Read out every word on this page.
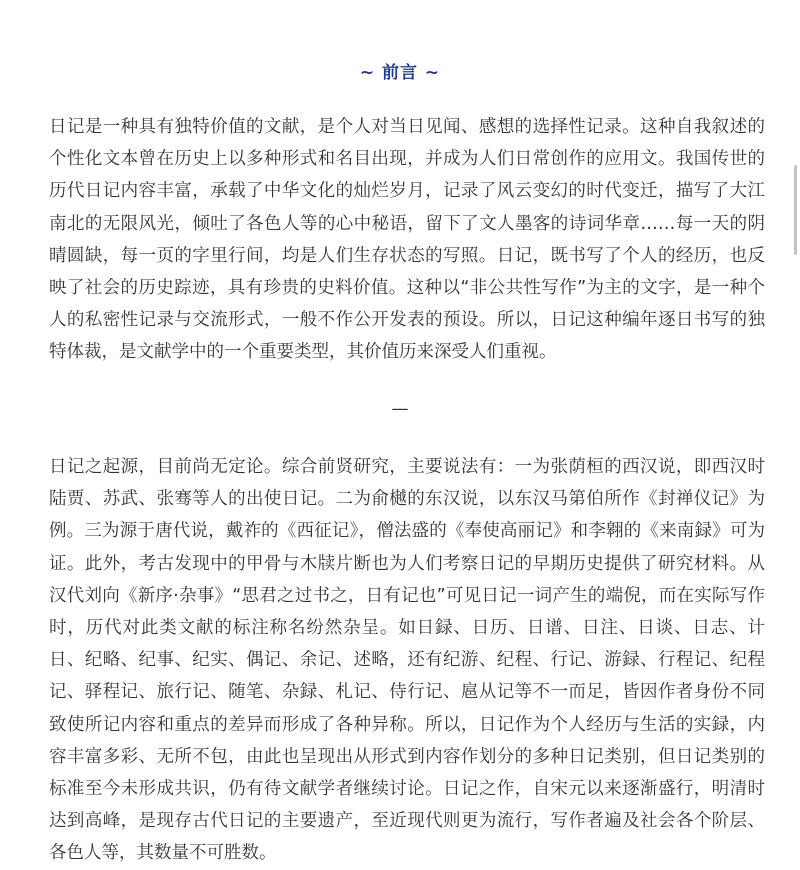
~ 前言 ~

日记是一种具有独特价值的文献，是个人对当日见闻、感想的选择性记录。这种自我叙述的个性化文本曾在历史上以多种形式和名目出现，并成为人们日常创作的应用文。我国传世的历代日记内容丰富，承载了中华文化的灿烂岁月，记录了风云变幻的时代变迁，描写了大江南北的无限风光，倾吐了各色人等的心中秘语，留下了文人墨客的诗词华章……每一天的阴晴圆缺，每一页的字里行间，均是人们生存状态的写照。日记，既书写了个人的经历，也反映了社会的历史踪迹，具有珍贵的史料价值。这种以“非公共性写作”为主的文字，是一种个人的私密性记录与交流形式，一般不作公开发表的预设。所以，日记这种编年逐日书写的独特体裁，是文献学中的一个重要类型，其价值历来深受人们重视。

—

日记之起源，目前尚无定论。综合前贤研究，主要说法有：一为张荫桓的西汉说，即西汉时陆贾、苏武、张骞等人的出使日记。二为俞樾的东汉说，以东汉马第伯所作《封禅仪记》为例。三为源于唐代说，戴祚的《西征记》，僧法盛的《奉使高丽记》和李翱的《来南録》可为证。此外，考古发现中的甲骨与木牍片断也为人们考察日记的早期历史提供了研究材料。从汉代刘向《新序·杂事》“思君之过书之，日有记也”可见日记一词产生的端倪，而在实际写作时，历代对此类文献的标注称名纷然杂呈。如日録、日历、日谱、日注、日谈、日志、计日、纪略、纪事、纪实、偶记、余记、述略，还有纪游、纪程、行记、游録、行程记、纪程记、驿程记、旅行记、随笔、杂録、札记、侍行记、扈从记等不一而足，皆因作者身份不同致使所记内容和重点的差异而形成了各种异称。所以，日记作为个人经历与生活的实録，内容丰富多彩、无所不包，由此也呈现出从形式到内容作划分的多种日记类别，但日记类别的标准至今未形成共识，仍有待文献学者继续讨论。日记之作，自宋元以来逐渐盛行，明清时达到高峰，是现存古代日记的主要遗产，至近现代则更为流行，写作者遍及社会各个阶层、各色人等，其数量不可胜数。
